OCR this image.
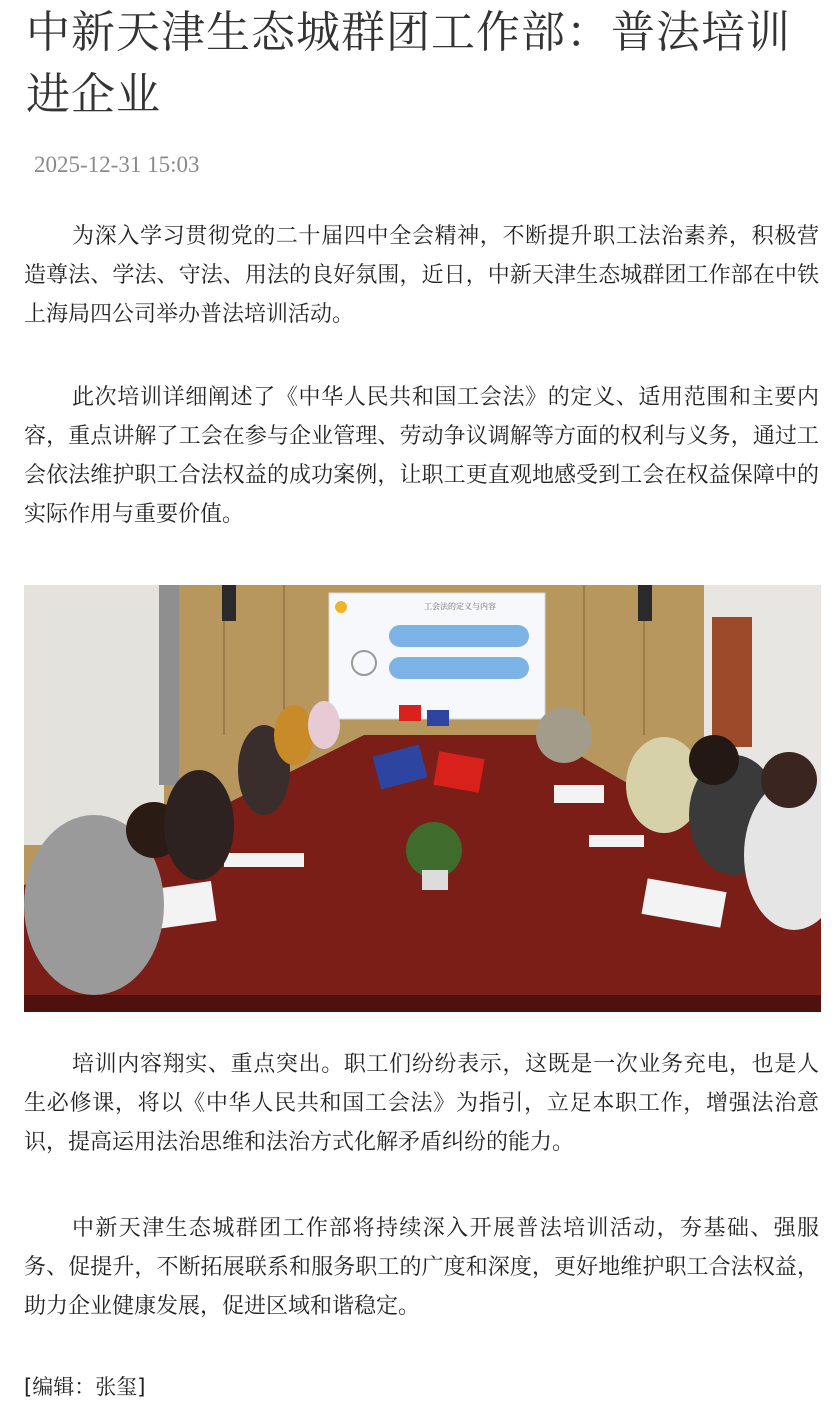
中新天津生态城群团工作部：普法培训进企业
2025-12-31 15:03

为深入学习贯彻党的二十届四中全会精神，不断提升职工法治素养，积极营造尊法、学法、守法、用法的良好氛围，近日，中新天津生态城群团工作部在中铁上海局四公司举办普法培训活动。

此次培训详细阐述了《中华人民共和国工会法》的定义、适用范围和主要内容，重点讲解了工会在参与企业管理、劳动争议调解等方面的权利与义务，通过工会依法维护职工合法权益的成功案例，让职工更直观地感受到工会在权益保障中的实际作用与重要价值。

工会法的定义与内容

培训内容翔实、重点突出。职工们纷纷表示，这既是一次业务充电，也是人生必修课，将以《中华人民共和国工会法》为指引，立足本职工作，增强法治意识，提高运用法治思维和法治方式化解矛盾纠纷的能力。

中新天津生态城群团工作部将持续深入开展普法培训活动，夯基础、强服务、促提升，不断拓展联系和服务职工的广度和深度，更好地维护职工合法权益，助力企业健康发展，促进区域和谐稳定。

[编辑：张玺]
